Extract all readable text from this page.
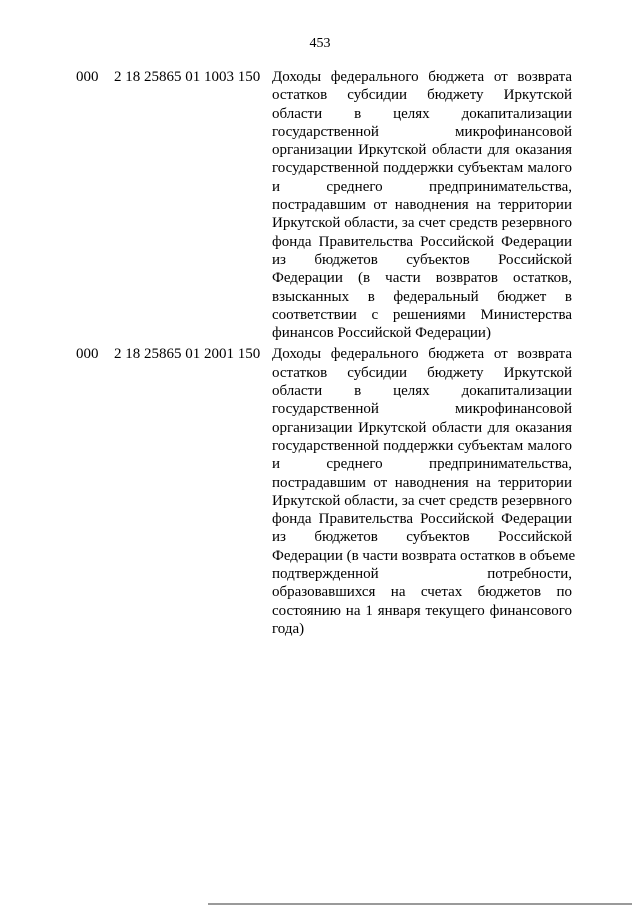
453
000 2 18 25865 01 1003 150 Доходы федерального бюджета от возврата
остатков субсидии бюджету Иркутской
области в целях докапитализации
государственной микрофинансовой
организации Иркутской области для оказания
государственной поддержки субъектам малого
и среднего предпринимательства,
пострадавшим от наводнения на территории
Иркутской области, за счет средств резервного
фонда Правительства Российской Федерации
из бюджетов субъектов Российской
Федерации (в части возвратов остатков,
взысканных в федеральный бюджет в
соответствии с решениями Министерства
финансов Российской Федерации)
000 2 18 25865 01 2001 150 Доходы федерального бюджета от возврата
остатков субсидии бюджету Иркутской
области в целях докапитализации
государственной микрофинансовой
организации Иркутской области для оказания
государственной поддержки субъектам малого
и среднего предпринимательства,
пострадавшим от наводнения на территории
Иркутской области, за счет средств резервного
фонда Правительства Российской Федерации
из бюджетов субъектов Российской
Федерации (в части возврата остатков в объеме
подтвержденной потребности,
образовавшихся на счетах бюджетов по
состоянию на 1 января текущего финансового
года)
